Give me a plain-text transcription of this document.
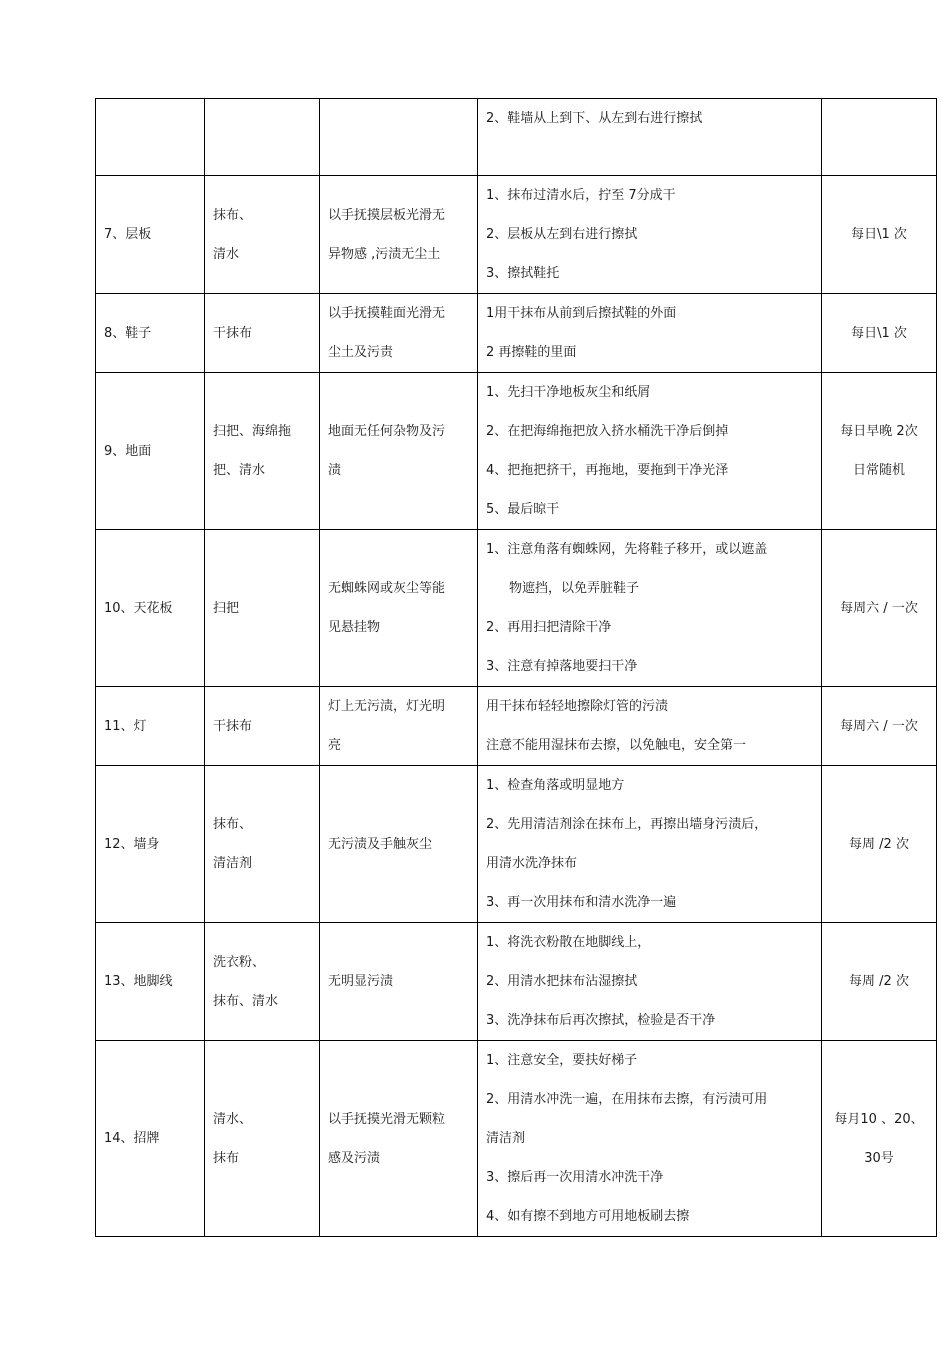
			2、鞋墙从上到下、从左到右进行擦拭	

7、层板	抹布、
清水	以手抚摸层板光滑无
异物感 ,污渍无尘土	1、抹布过清水后，拧至 7分成干
2、层板从左到右进行擦拭
3、擦拭鞋托	每日\1 次

8、鞋子	干抹布	以手抚摸鞋面光滑无
尘土及污责	1用干抹布从前到后擦拭鞋的外面
2 再擦鞋的里面	每日\1 次

9、地面	扫把、海绵拖
把、清水	地面无任何杂物及污
渍	1、先扫干净地板灰尘和纸屑
2、在把海绵拖把放入挤水桶洗干净后倒掉
4、把拖把挤干，再拖地，要拖到干净光泽
5、最后晾干	每日早晚 2次
日常随机

10、天花板	扫把	无蜘蛛网或灰尘等能
见悬挂物	1、注意角落有蜘蛛网，先将鞋子移开，或以遮盖
物遮挡，以免弄脏鞋子
2、再用扫把清除干净
3、注意有掉落地要扫干净	每周六 / 一次

11、灯	干抹布	灯上无污渍，灯光明
亮	用干抹布轻轻地擦除灯管的污渍
注意不能用湿抹布去擦，以免触电，安全第一	每周六 / 一次

12、墙身	抹布、
清洁剂	无污渍及手触灰尘	1、检查角落或明显地方
2、先用清洁剂涂在抹布上，再擦出墙身污渍后，
用清水洗净抹布
3、再一次用抹布和清水洗净一遍	每周 /2 次

13、地脚线	洗衣粉、
抹布、清水	无明显污渍	1、将洗衣粉散在地脚线上，
2、用清水把抹布沾湿擦拭
3、洗净抹布后再次擦拭，检验是否干净	每周 /2 次

14、招牌	清水、
抹布	以手抚摸光滑无颗粒
感及污渍	1、注意安全，要扶好梯子
2、用清水冲洗一遍，在用抹布去擦，有污渍可用
清洁剂
3、擦后再一次用清水冲洗干净
4、如有擦不到地方可用地板刷去擦	每月10 、20、
30号
